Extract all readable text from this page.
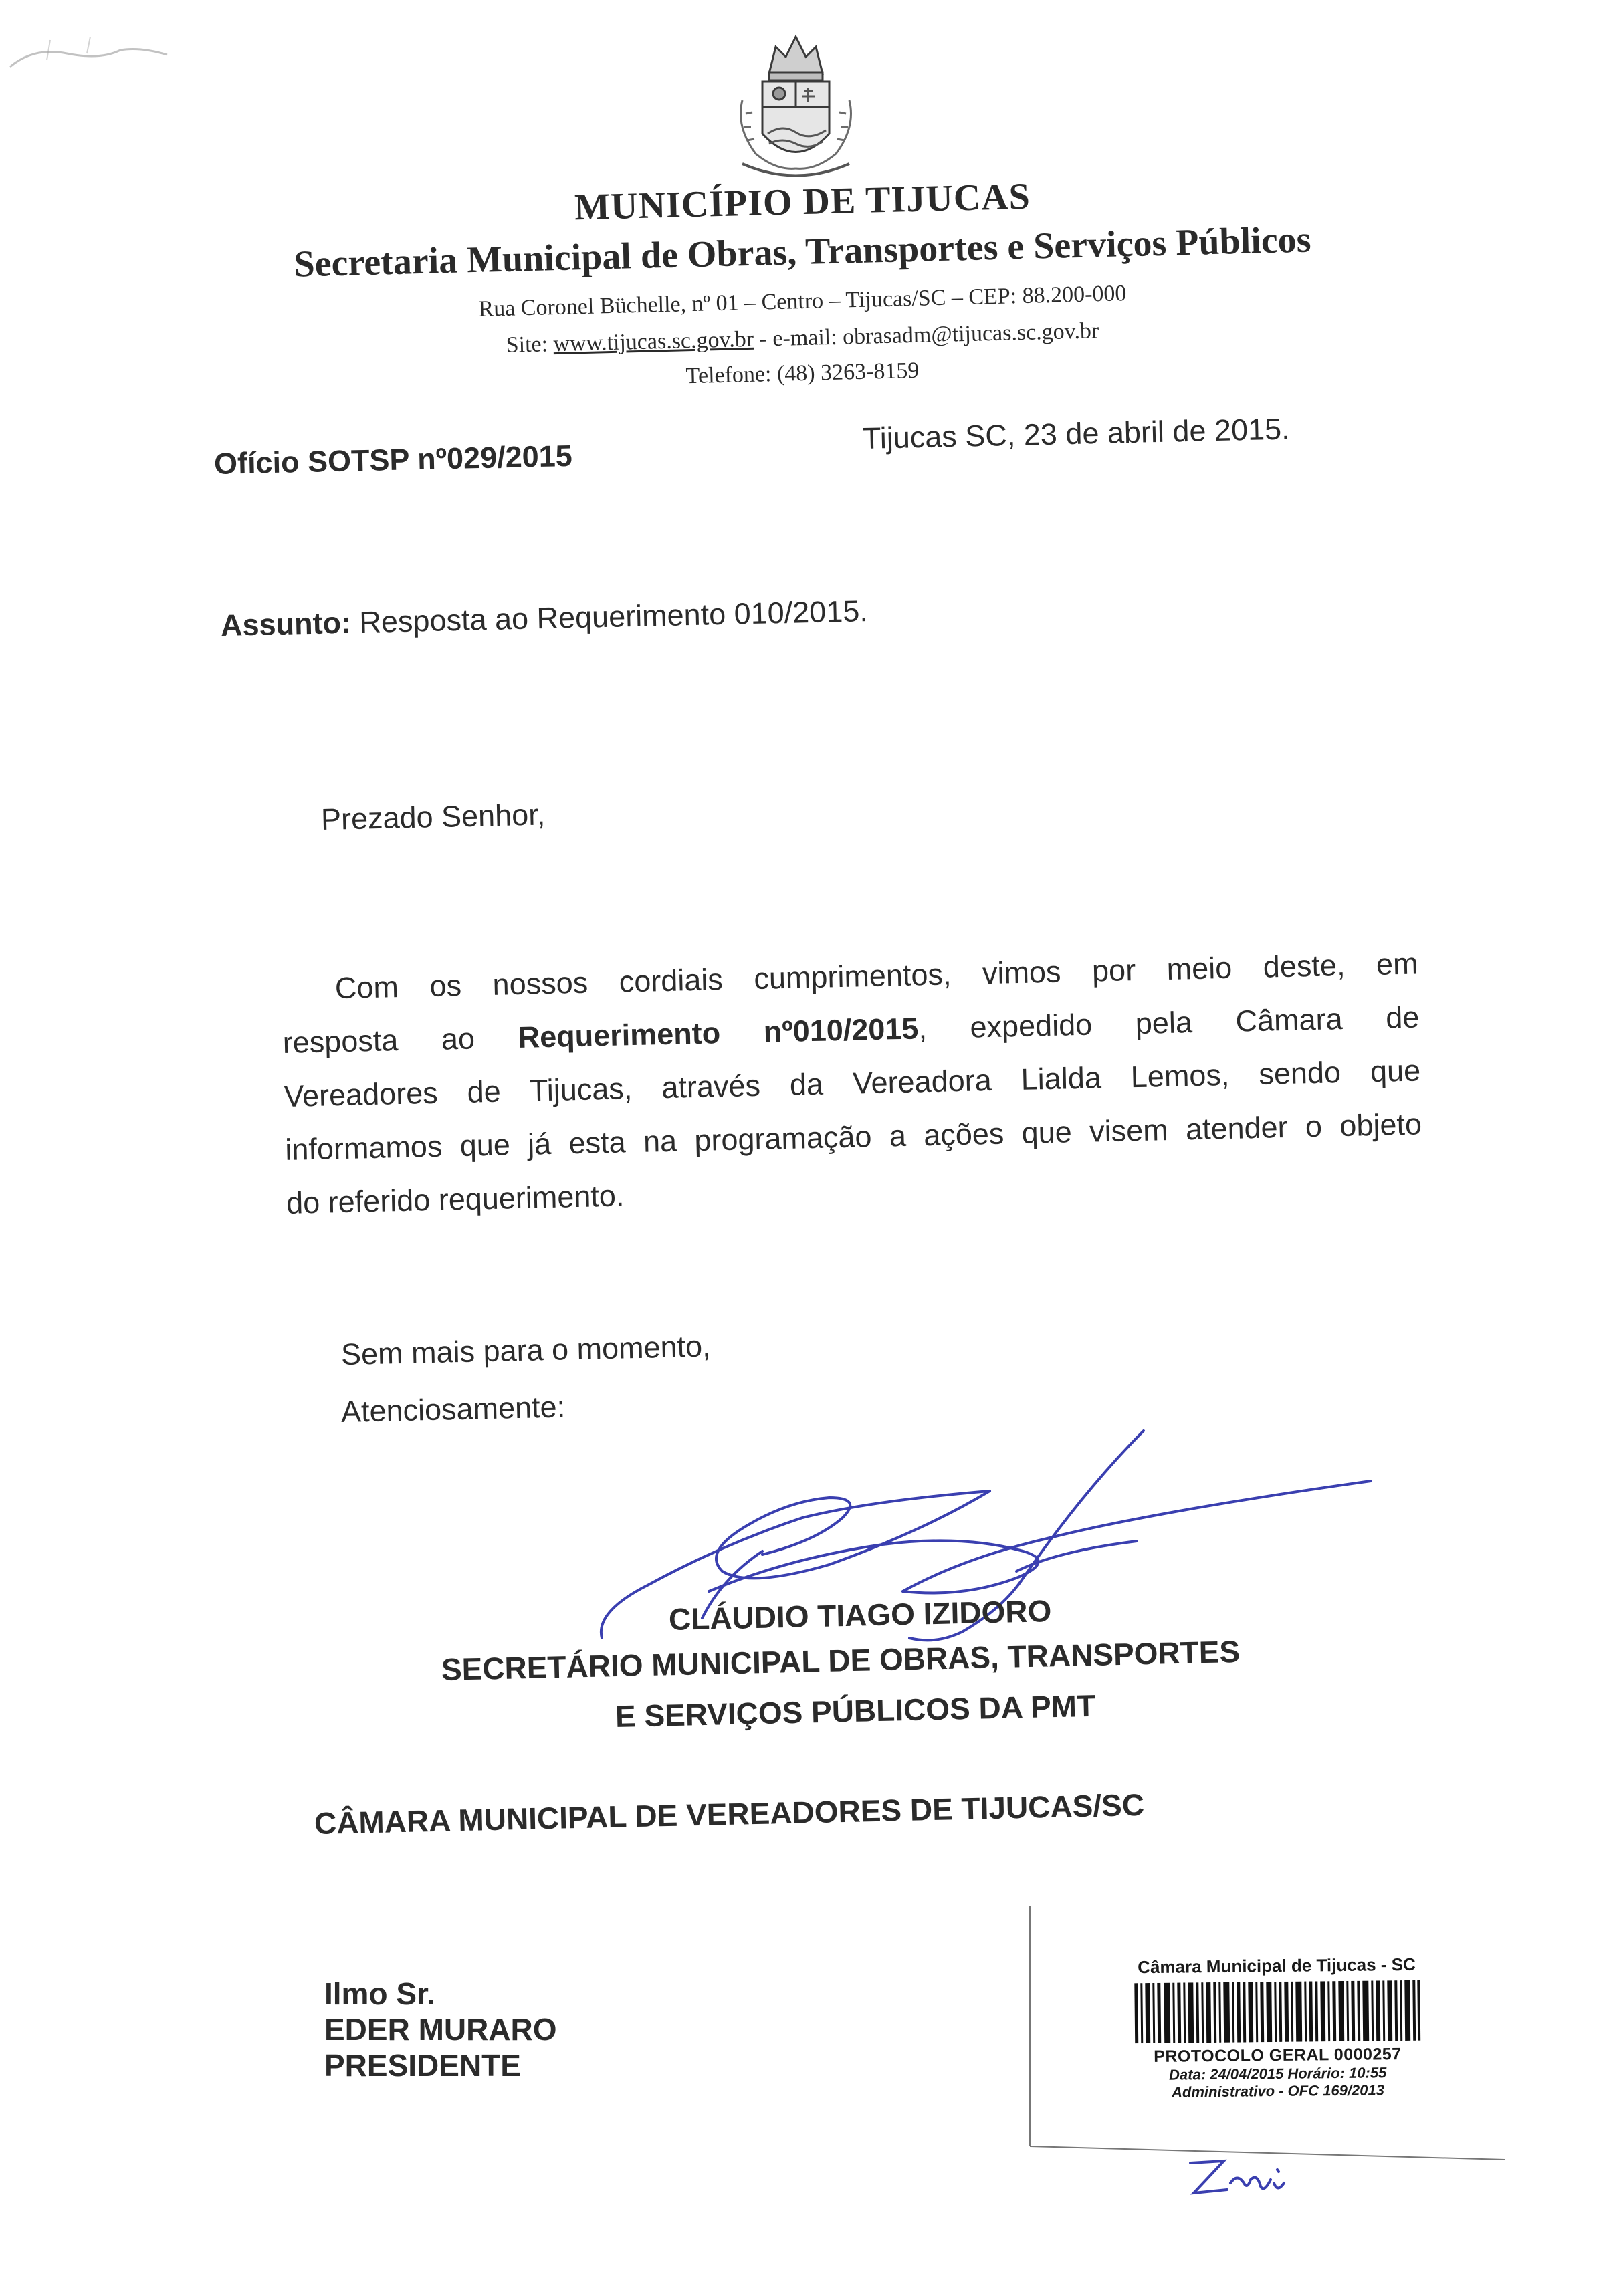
MUNICÍPIO DE TIJUCAS
Secretaria Municipal de Obras, Transportes e Serviços Públicos
Rua Coronel Büchelle, nº 01 – Centro – Tijucas/SC – CEP: 88.200-000
Site: www.tijucas.sc.gov.br - e-mail: obrasadm@tijucas.sc.gov.br
Telefone: (48) 3263-8159
Ofício SOTSP nº029/2015
Tijucas SC, 23 de abril de 2015.
Assunto: Resposta ao Requerimento 010/2015.
Prezado Senhor,
Com os nossos cordiais cumprimentos, vimos por meio deste, em
resposta ao Requerimento nº010/2015, expedido pela Câmara de
Vereadores de Tijucas, através da Vereadora Lialda Lemos, sendo que
informamos que já esta na programação a ações que visem atender o objeto
do referido requerimento.
Sem mais para o momento,
Atenciosamente:
CLÁUDIO TIAGO IZIDORO
SECRETÁRIO MUNICIPAL DE OBRAS, TRANSPORTES
E SERVIÇOS PÚBLICOS DA PMT
CÂMARA MUNICIPAL DE VEREADORES DE TIJUCAS/SC
Ilmo Sr.
EDER MURARO
PRESIDENTE
Câmara Municipal de Tijucas - SC
PROTOCOLO GERAL 0000257
Data: 24/04/2015 Horário: 10:55
Administrativo - OFC 169/2013
